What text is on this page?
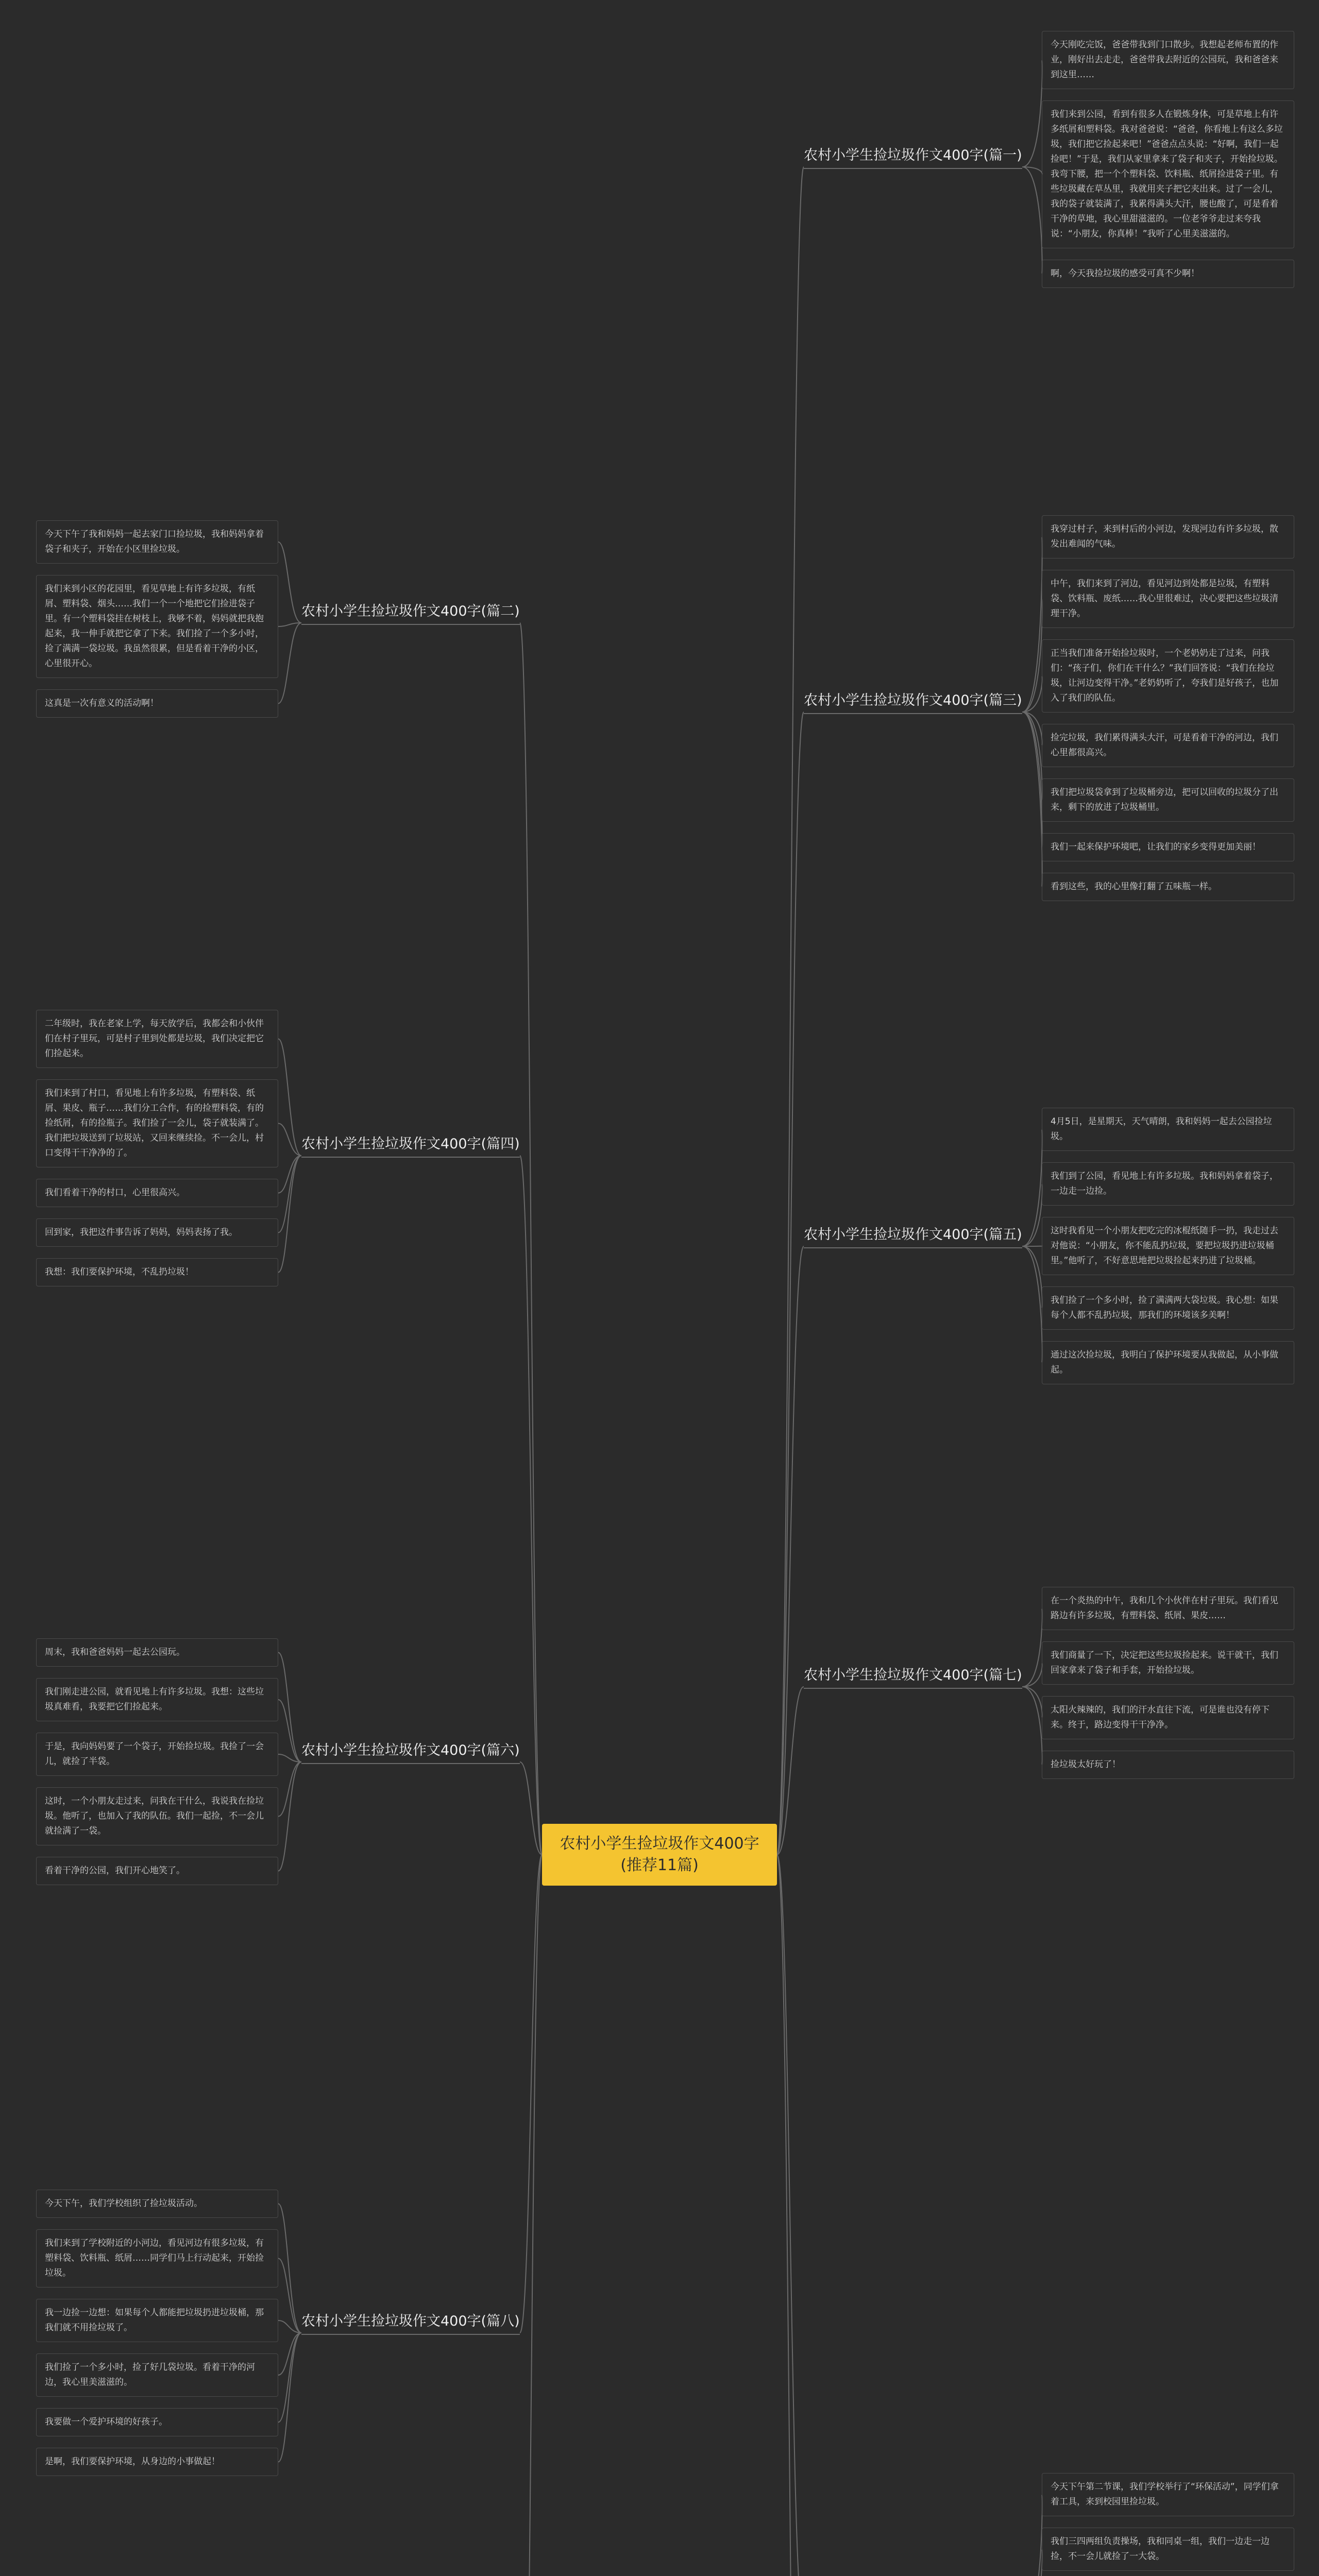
农村小学生捡垃圾作文400字(推荐11篇)
今天刚吃完饭，爸爸带我到门口散步。我想起老师布置的作业，刚好出去走走，爸爸带我去附近的公园玩，我和爸爸来到这里……
我们来到公园，看到有很多人在锻炼身体，可是草地上有许多纸屑和塑料袋。我对爸爸说：“爸爸，你看地上有这么多垃圾，我们把它捡起来吧！”爸爸点点头说：“好啊，我们一起捡吧！”于是，我们从家里拿来了袋子和夹子，开始捡垃圾。我弯下腰，把一个个塑料袋、饮料瓶、纸屑捡进袋子里。有些垃圾藏在草丛里，我就用夹子把它夹出来。过了一会儿，我的袋子就装满了，我累得满头大汗，腰也酸了，可是看着干净的草地，我心里甜滋滋的。一位老爷爷走过来夸我说：“小朋友，你真棒！”我听了心里美滋滋的。
啊，今天我捡垃圾的感受可真不少啊！
农村小学生捡垃圾作文400字(篇一)
我穿过村子，来到村后的小河边，发现河边有许多垃圾，散发出难闻的气味。
中午，我们来到了河边，看见河边到处都是垃圾，有塑料袋、饮料瓶、废纸……我心里很难过，决心要把这些垃圾清理干净。
正当我们准备开始捡垃圾时，一个老奶奶走了过来，问我们：“孩子们，你们在干什么？”我们回答说：“我们在捡垃圾，让河边变得干净。”老奶奶听了，夸我们是好孩子，也加入了我们的队伍。
捡完垃圾，我们累得满头大汗，可是看着干净的河边，我们心里都很高兴。
我们把垃圾袋拿到了垃圾桶旁边，把可以回收的垃圾分了出来，剩下的放进了垃圾桶里。
我们一起来保护环境吧，让我们的家乡变得更加美丽！
看到这些，我的心里像打翻了五味瓶一样。
农村小学生捡垃圾作文400字(篇三)
4月5日，是星期天，天气晴朗，我和妈妈一起去公园捡垃圾。
我们到了公园，看见地上有许多垃圾。我和妈妈拿着袋子，一边走一边捡。
这时我看见一个小朋友把吃完的冰棍纸随手一扔，我走过去对他说：“小朋友，你不能乱扔垃圾，要把垃圾扔进垃圾桶里。”他听了，不好意思地把垃圾捡起来扔进了垃圾桶。
我们捡了一个多小时，捡了满满两大袋垃圾。我心想：如果每个人都不乱扔垃圾，那我们的环境该多美啊！
通过这次捡垃圾，我明白了保护环境要从我做起，从小事做起。
农村小学生捡垃圾作文400字(篇五)
在一个炎热的中午，我和几个小伙伴在村子里玩。我们看见路边有许多垃圾，有塑料袋、纸屑、果皮……
我们商量了一下，决定把这些垃圾捡起来。说干就干，我们回家拿来了袋子和手套，开始捡垃圾。
太阳火辣辣的，我们的汗水直往下流，可是谁也没有停下来。终于，路边变得干干净净。
捡垃圾太好玩了！
农村小学生捡垃圾作文400字(篇七)
今天下午第二节课，我们学校举行了“环保活动”，同学们拿着工具，来到校园里捡垃圾。
我们三四两组负责操场，我和同桌一组，我们一边走一边捡，不一会儿就捡了一大袋。
今天下午了我和妈妈一起去家门口捡垃圾，我和妈妈拿着袋子和夹子，开始在小区里捡垃圾。
我们来到小区的花园里，看见草地上有许多垃圾，有纸屑、塑料袋、烟头……我们一个一个地把它们捡进袋子里。有一个塑料袋挂在树枝上，我够不着，妈妈就把我抱起来，我一伸手就把它拿了下来。我们捡了一个多小时，捡了满满一袋垃圾。我虽然很累，但是看着干净的小区，心里很开心。
这真是一次有意义的活动啊！
农村小学生捡垃圾作文400字(篇二)
二年级时，我在老家上学，每天放学后，我都会和小伙伴们在村子里玩，可是村子里到处都是垃圾，我们决定把它们捡起来。
我们来到了村口，看见地上有许多垃圾，有塑料袋、纸屑、果皮、瓶子……我们分工合作，有的捡塑料袋，有的捡纸屑，有的捡瓶子。我们捡了一会儿，袋子就装满了。我们把垃圾送到了垃圾站，又回来继续捡。不一会儿，村口变得干干净净的了。
我们看着干净的村口，心里很高兴。
回到家，我把这件事告诉了妈妈，妈妈表扬了我。
我想：我们要保护环境，不乱扔垃圾！
农村小学生捡垃圾作文400字(篇四)
周末，我和爸爸妈妈一起去公园玩。
我们刚走进公园，就看见地上有许多垃圾。我想：这些垃圾真难看，我要把它们捡起来。
于是，我向妈妈要了一个袋子，开始捡垃圾。我捡了一会儿，就捡了半袋。
这时，一个小朋友走过来，问我在干什么，我说我在捡垃圾。他听了，也加入了我的队伍。我们一起捡，不一会儿就捡满了一袋。
看着干净的公园，我们开心地笑了。
农村小学生捡垃圾作文400字(篇六)
今天下午，我们学校组织了捡垃圾活动。
我们来到了学校附近的小河边，看见河边有很多垃圾，有塑料袋、饮料瓶、纸屑……同学们马上行动起来，开始捡垃圾。
我一边捡一边想：如果每个人都能把垃圾扔进垃圾桶，那我们就不用捡垃圾了。
我们捡了一个多小时，捡了好几袋垃圾。看着干净的河边，我心里美滋滋的。
我要做一个爱护环境的好孩子。
是啊，我们要保护环境，从身边的小事做起！
农村小学生捡垃圾作文400字(篇八)
